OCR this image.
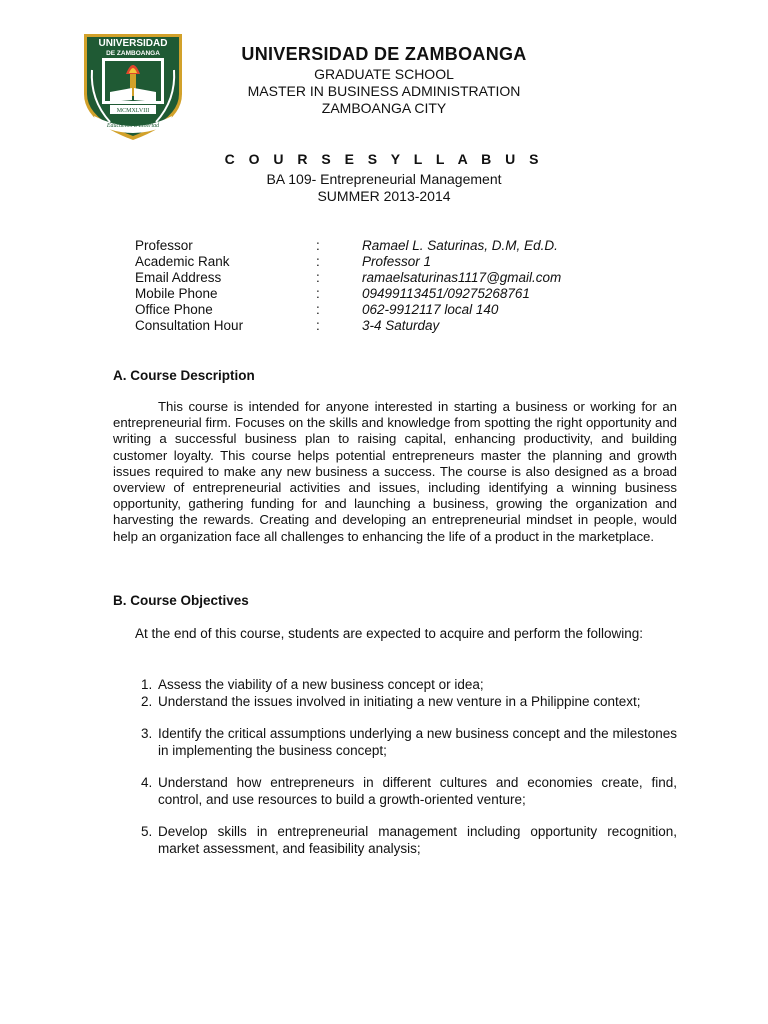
UNIVERSIDAD
DE ZAMBOANGA
MCMXLVIII
Educacion a Libertad
UNIVERSIDAD DE ZAMBOANGA
GRADUATE SCHOOL
MASTER IN BUSINESS ADMINISTRATION
ZAMBOANGA CITY
C O U R S E S Y L L A B U S
BA 109- Entrepreneurial Management
SUMMER 2013-2014
Professor	:	Ramael L. Saturinas, D.M, Ed.D.
Academic Rank	:	Professor 1
Email Address	:	ramaelsaturinas1117@gmail.com
Mobile Phone	:	09499113451/09275268761
Office Phone	:	062-9912117 local 140
Consultation Hour	:	3-4 Saturday
A. Course Description
This course is intended for anyone interested in starting a business or working for an entrepreneurial firm. Focuses on the skills and knowledge from spotting the right opportunity and writing a successful business plan to raising capital, enhancing productivity, and building customer loyalty. This course helps potential entrepreneurs master the planning and growth issues required to make any new business a success. The course is also designed as a broad overview of entrepreneurial activities and issues, including identifying a winning business opportunity, gathering funding for and launching a business, growing the organization and harvesting the rewards. Creating and developing an entrepreneurial mindset in people, would help an organization face all challenges to enhancing the life of a product in the marketplace.
B. Course Objectives
At the end of this course, students are expected to acquire and perform the following:
1. Assess the viability of a new business concept or idea;
2. Understand the issues involved in initiating a new venture in a Philippine context;
3. Identify the critical assumptions underlying a new business concept and the milestones in implementing the business concept;
4. Understand how entrepreneurs in different cultures and economies create, find, control, and use resources to build a growth-oriented venture;
5. Develop skills in entrepreneurial management including opportunity recognition, market assessment, and feasibility analysis;
